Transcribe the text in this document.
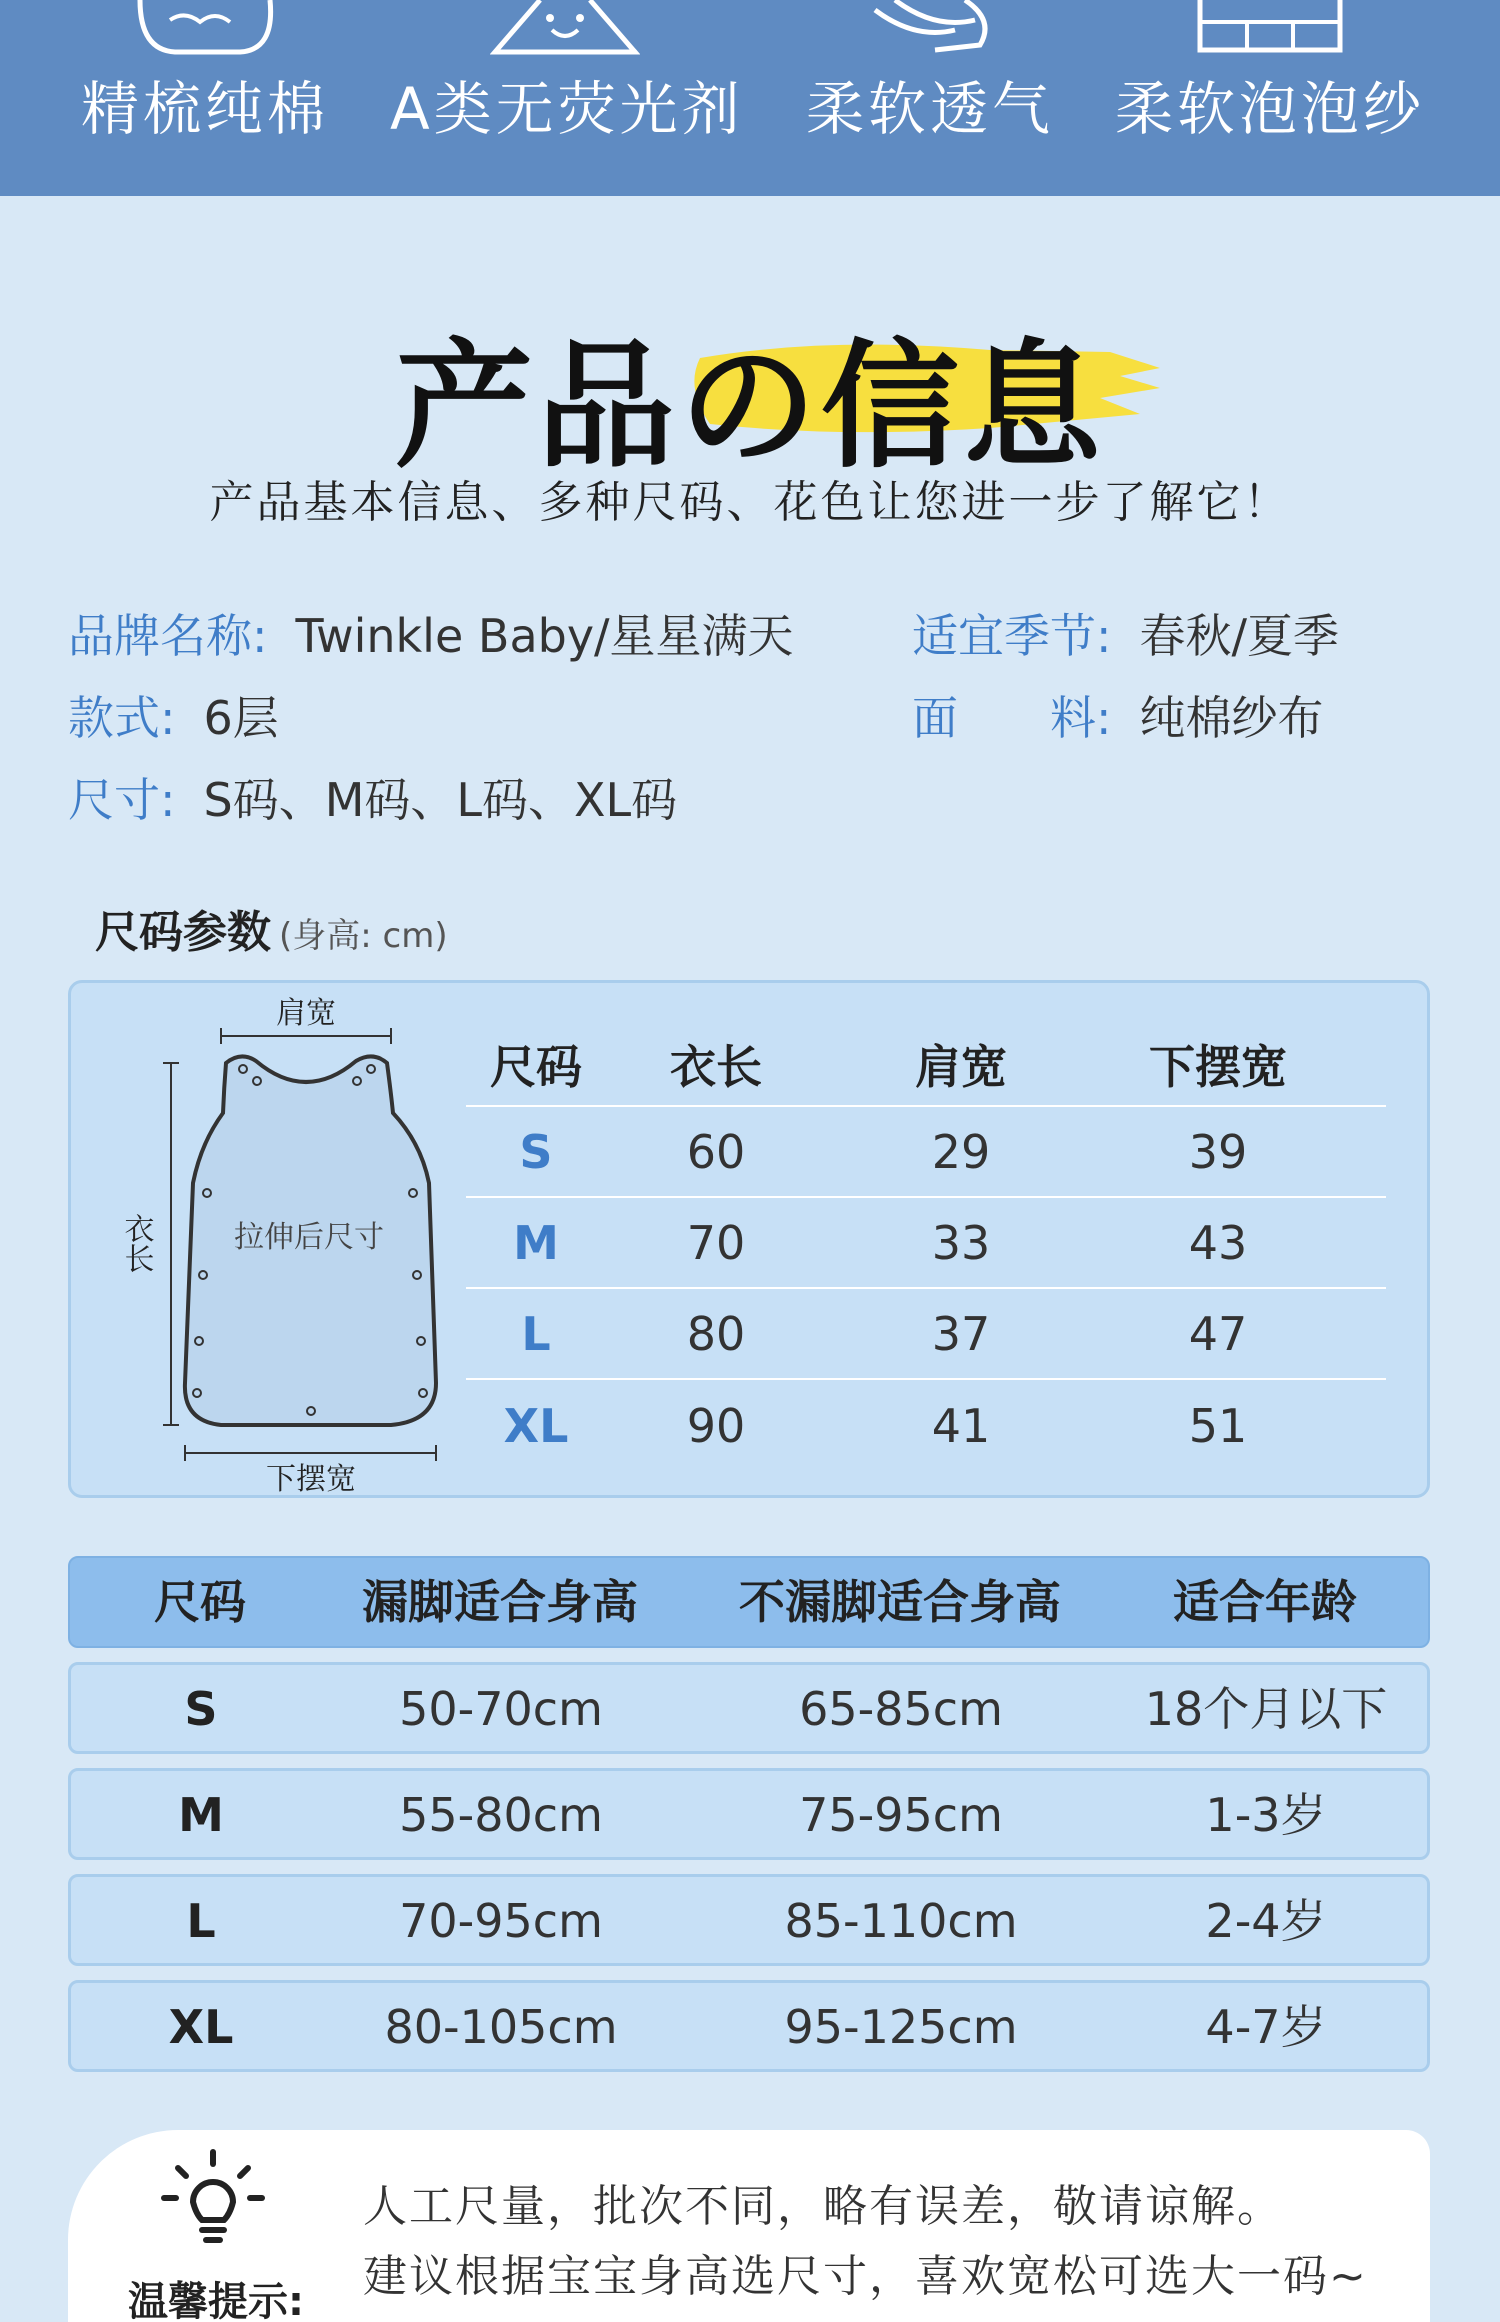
精梳纯棉	A类无荧光剂	柔软透气	柔软泡泡纱
产品の信息
产品基本信息、多种尺码、花色让您进一步了解它！
品牌名称: Twinkle Baby/星星满天
款式: 6层
尺寸: S码、M码、L码、XL码
适宜季节: 春秋/夏季
面　　料: 纯棉纱布
尺码参数 (身高: cm)
肩宽
衣长	拉伸后尺寸
下摆宽
尺码	衣长	肩宽	下摆宽
S	60	29	39
M	70	33	43
L	80	37	47
XL	90	41	51
尺码	漏脚适合身高	不漏脚适合身高	适合年龄
S	50-70cm	65-85cm	18个月以下
M	55-80cm	75-95cm	1-3岁
L	70-95cm	85-110cm	2-4岁
XL	80-105cm	95-125cm	4-7岁
温馨提示:
人工尺量，批次不同，略有误差，敬请谅解。
建议根据宝宝身高选尺寸，喜欢宽松可选大一码~
